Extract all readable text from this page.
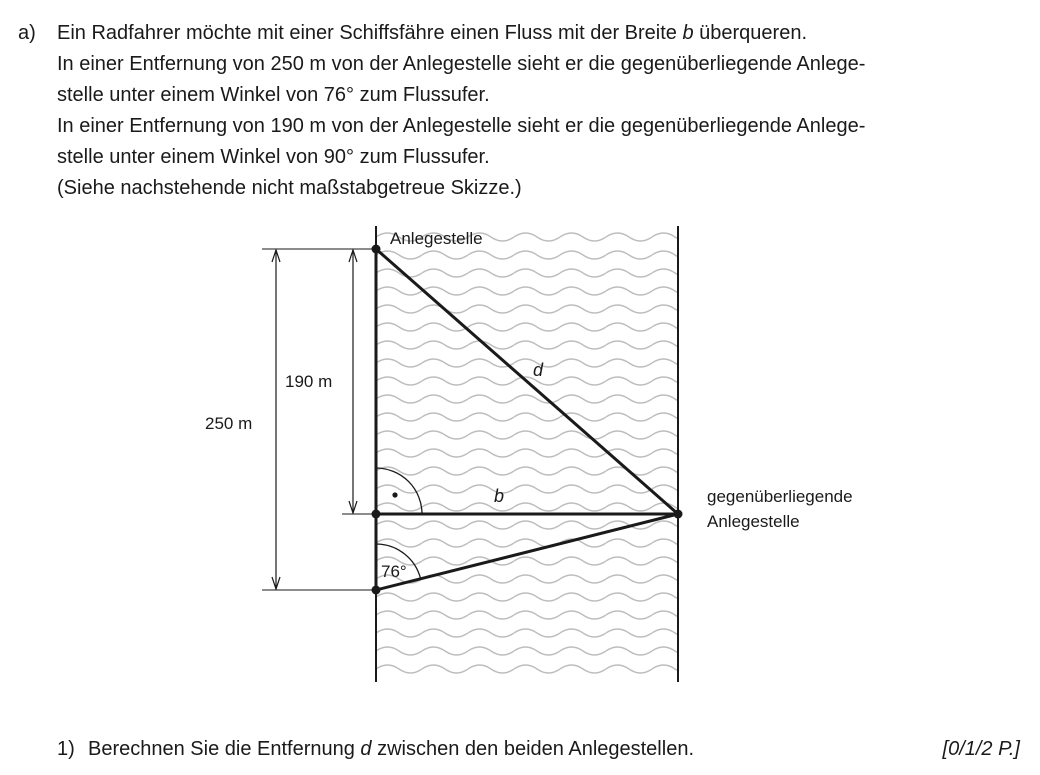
a) Ein Radfahrer möchte mit einer Schiffsfähre einen Fluss mit der Breite b überqueren.
In einer Entfernung von 250 m von der Anlegestelle sieht er die gegenüberliegende Anlege-
stelle unter einem Winkel von 76° zum Flussufer.
In einer Entfernung von 190 m von der Anlegestelle sieht er die gegenüberliegende Anlege-
stelle unter einem Winkel von 90° zum Flussufer.
(Siehe nachstehende nicht maßstabgetreue Skizze.)
Anlegestelle
d
b
190 m
250 m
76°
gegenüberliegende
Anlegestelle
1) Berechnen Sie die Entfernung d zwischen den beiden Anlegestellen.	[0/1/2 P.]
